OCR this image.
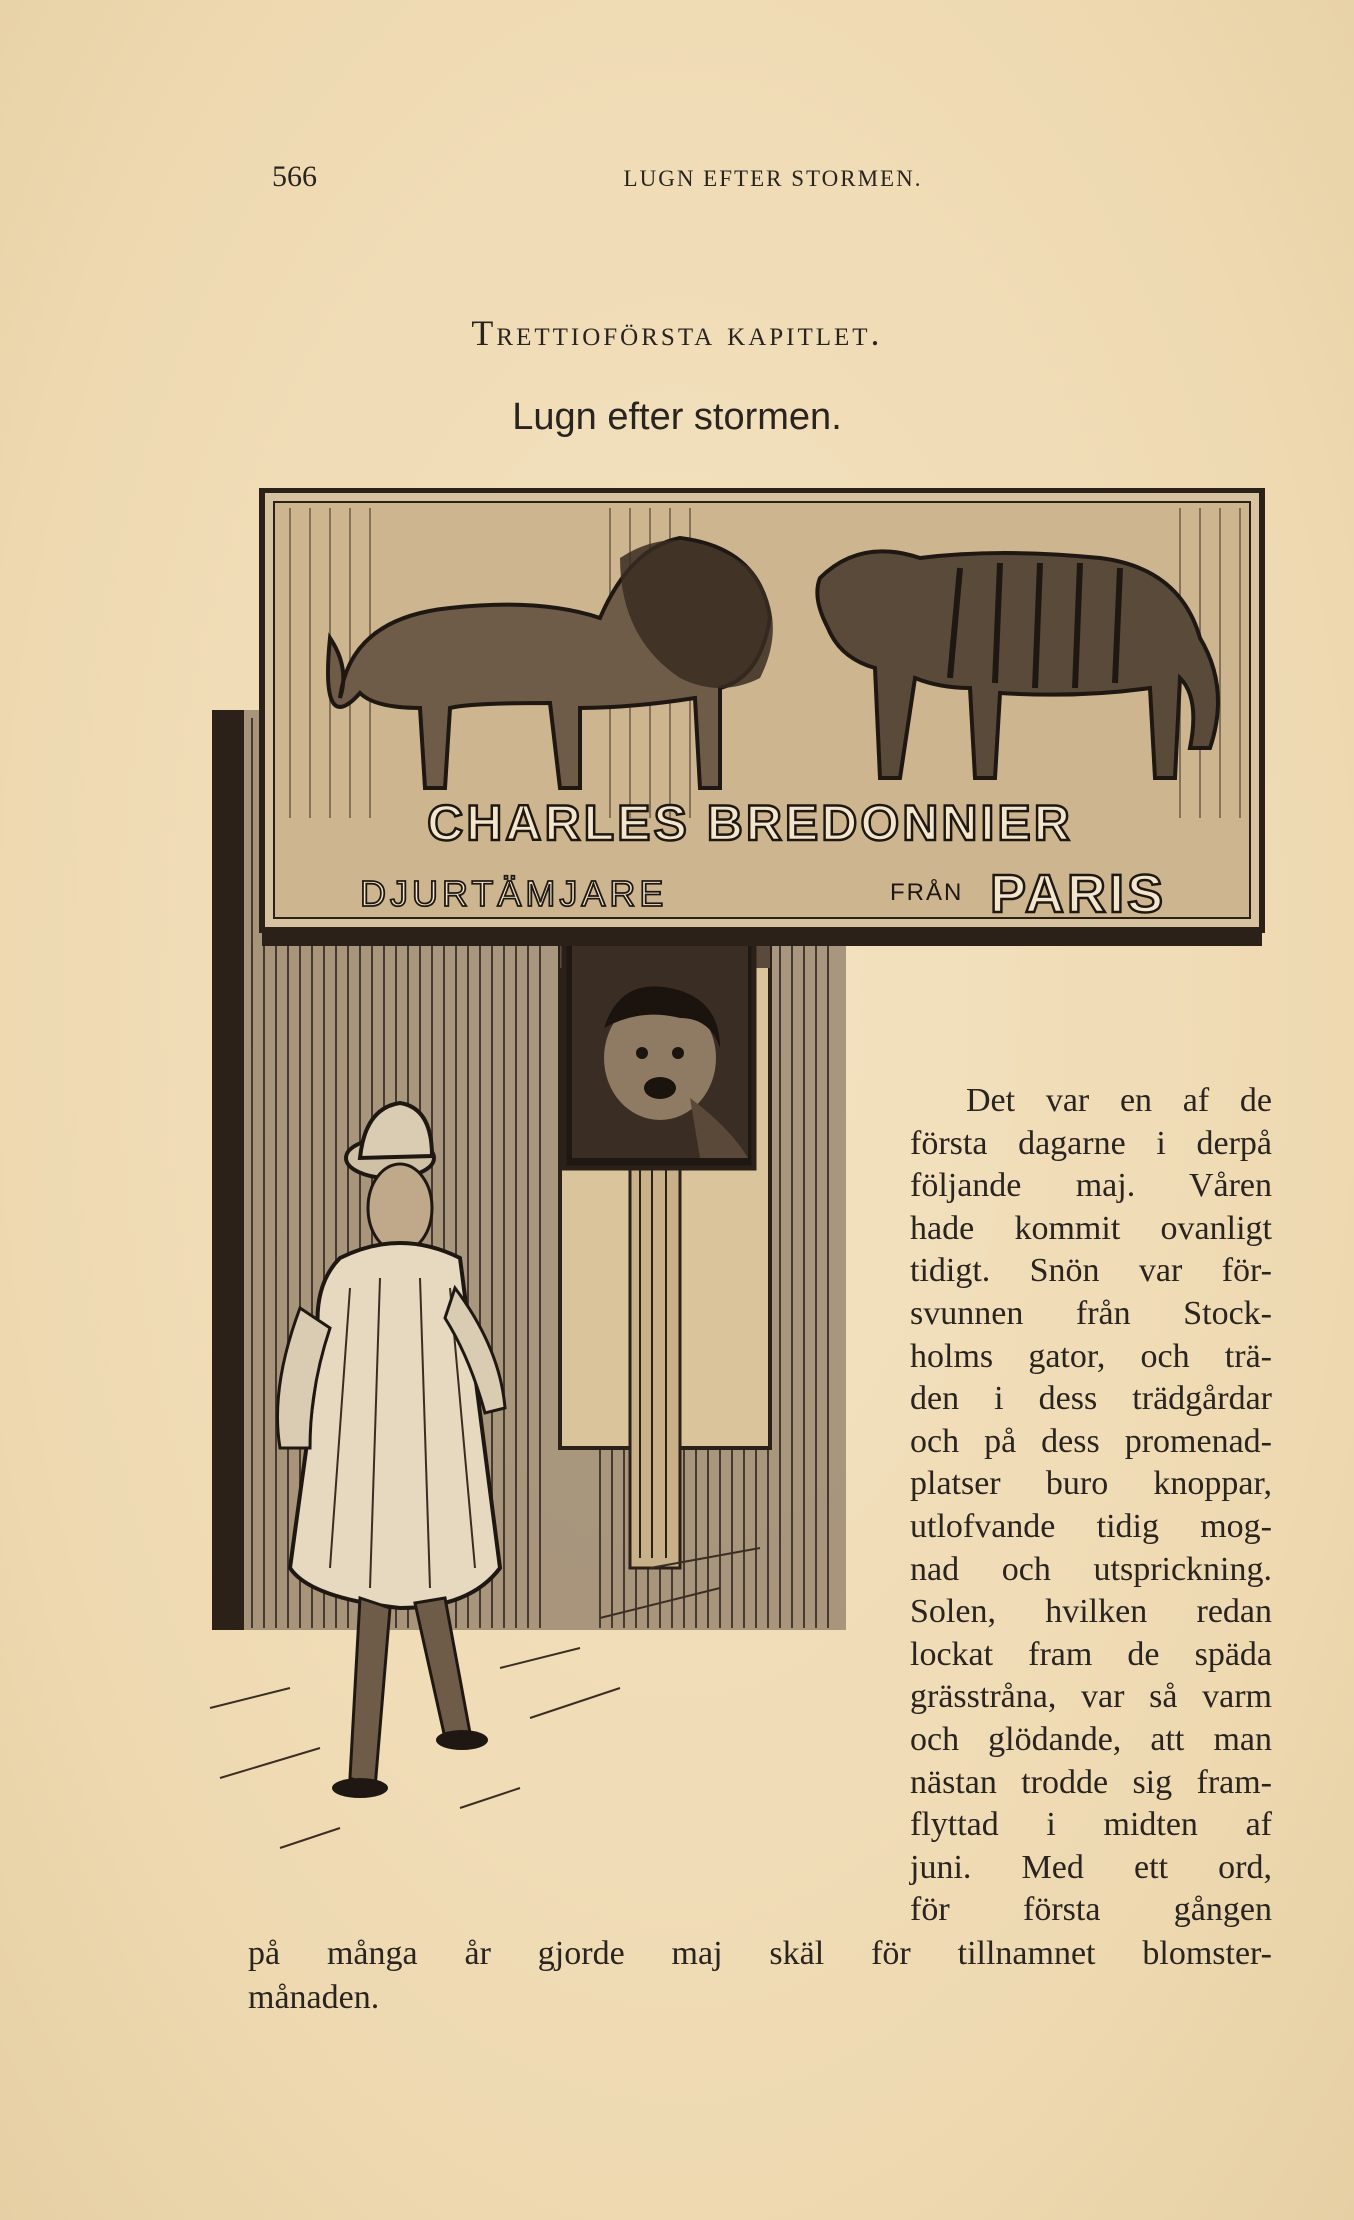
566	LUGN EFTER STORMEN.
Trettioförsta kapitlet.
Lugn efter stormen.
CHARLES BREDONNIER
DJURTÄMJARE	FRÅN PARIS

Det var en af de
första dagarne i derpå
följande maj. Våren
hade kommit ovanligt
tidigt. Snön var för-
svunnen från Stock-
holms gator, och trä-
den i dess trädgårdar
och på dess promenad-
platser buro knoppar,
utlofvande tidig mog-
nad och utsprickning.
Solen, hvilken redan
lockat fram de späda
grässtråna, var så varm
och glödande, att man
nästan trodde sig fram-
flyttad i midten af
juni. Med ett ord,
för första gången

på många år gjorde maj skäl för tillnamnet blomster-
månaden.
